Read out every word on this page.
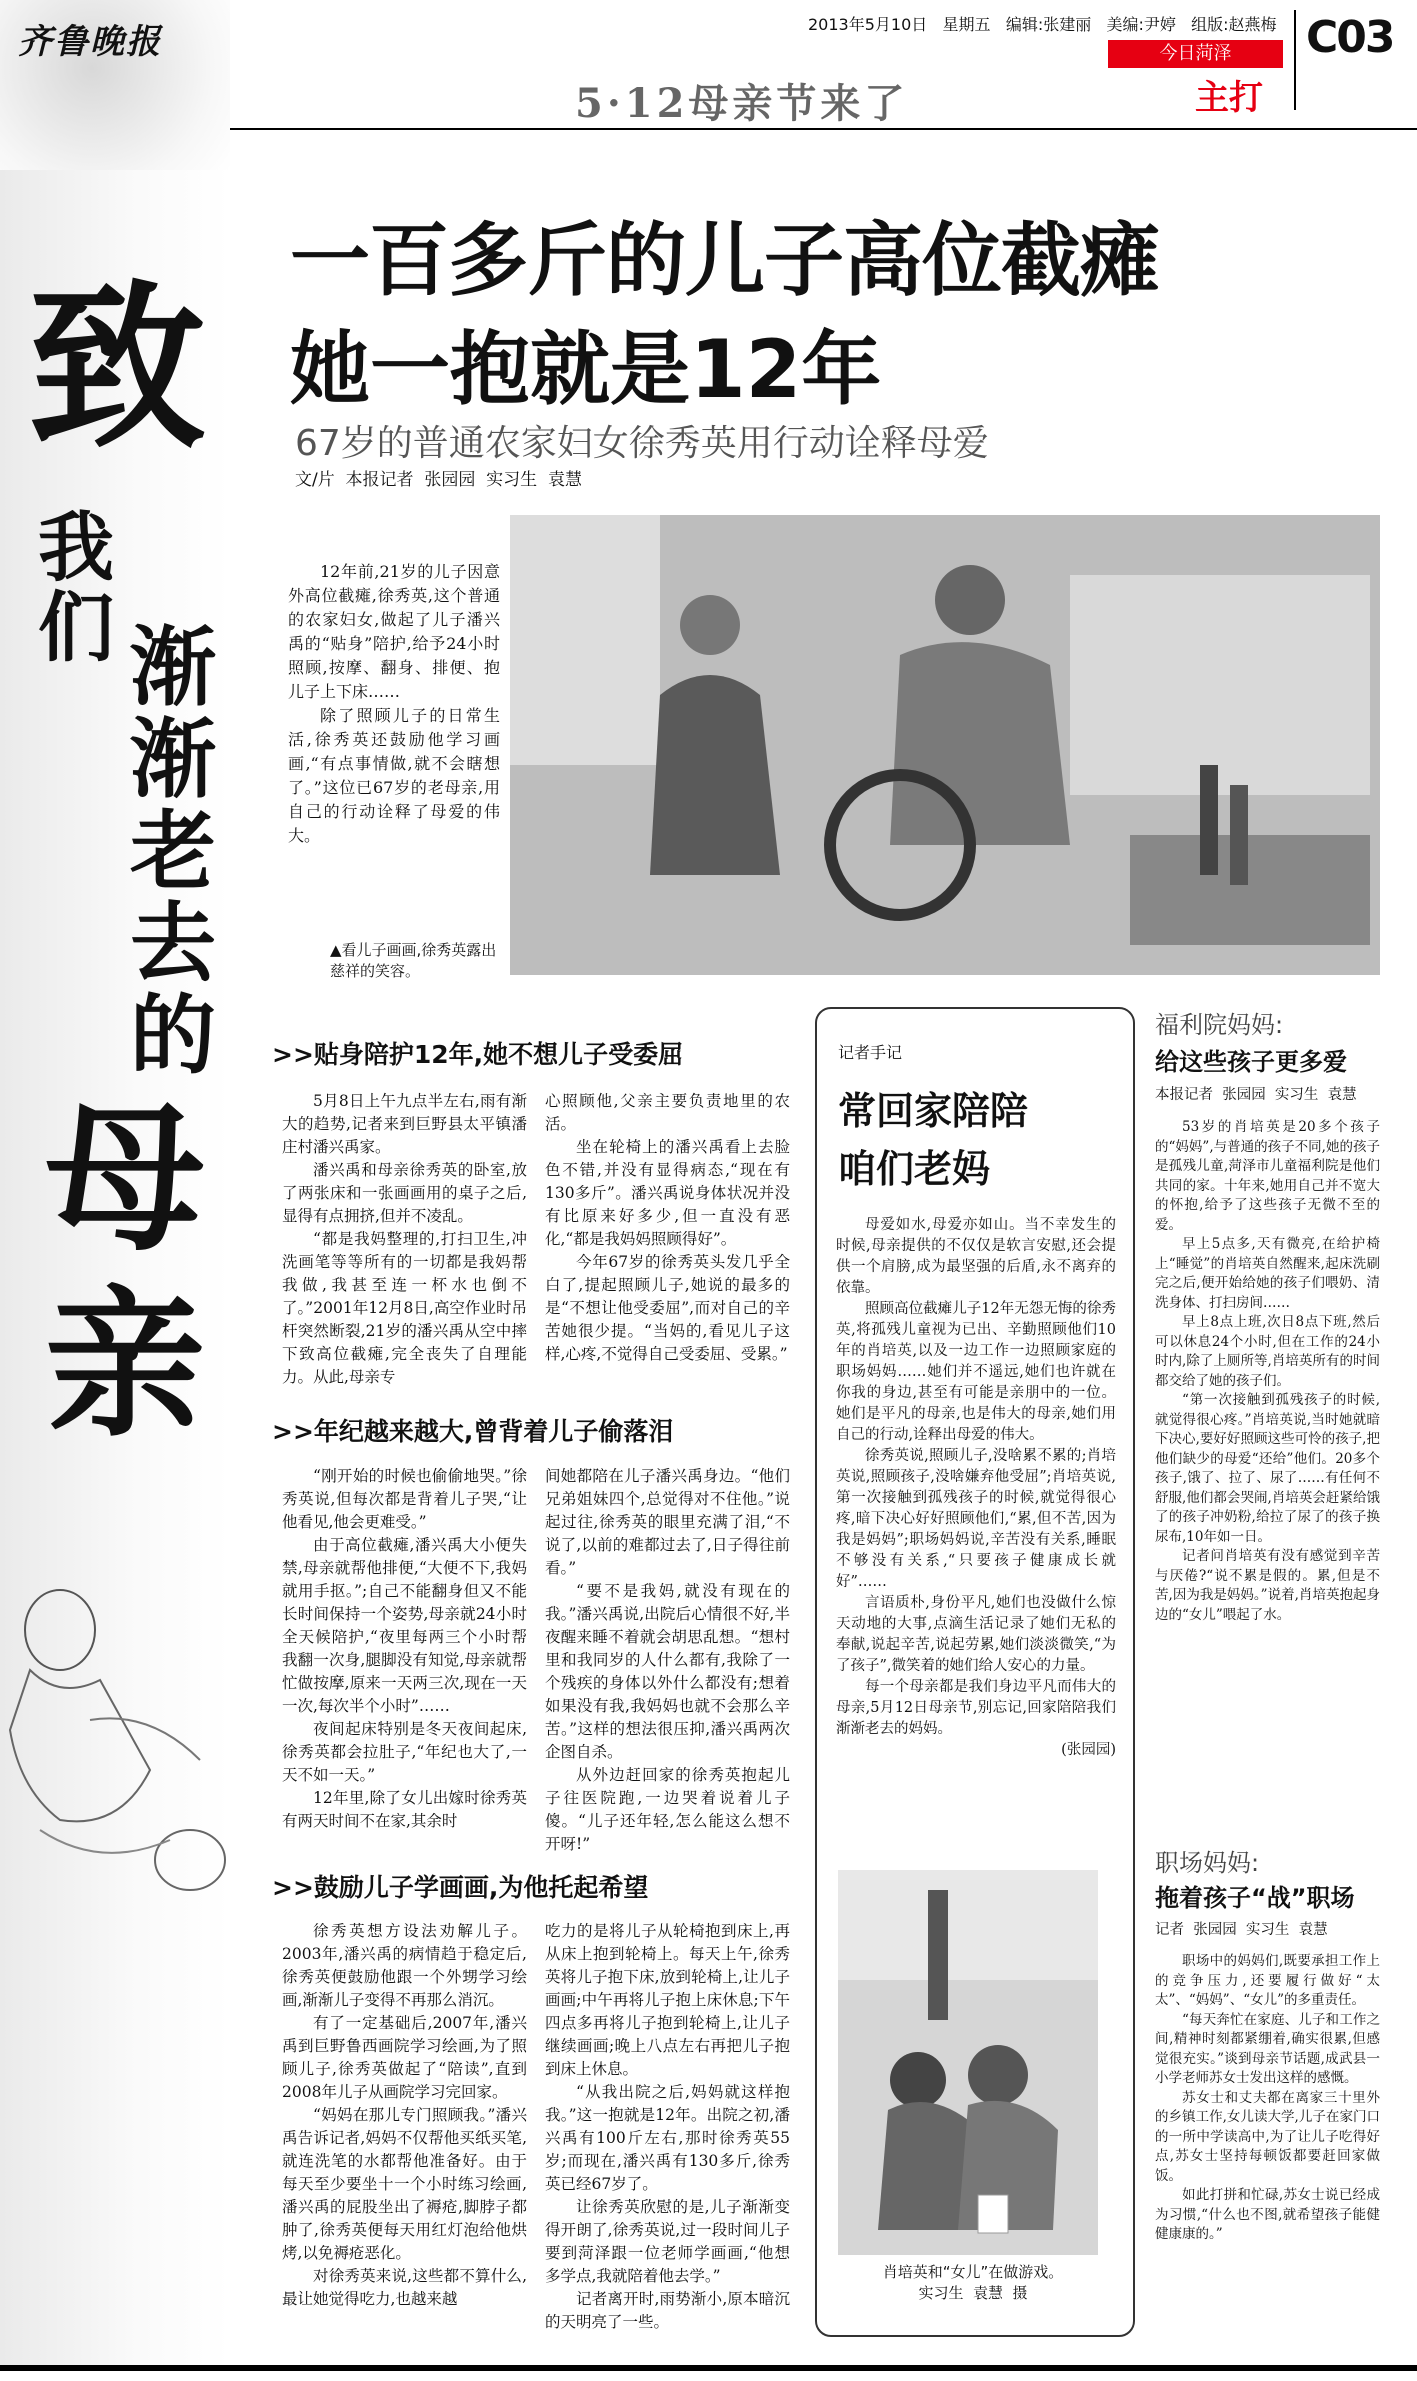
齐鲁晚报	2013年5月10日 星期五 编辑:张建丽 美编:尹婷 组版:赵燕梅
今日菏泽
主打
C03
5·12母亲节来了
致
我
们 渐
渐
老
去
的
母
亲
一百多斤的儿子高位截瘫
她一抱就是12年
67岁的普通农家妇女徐秀英用行动诠释母爱
文/片  本报记者  张园园  实习生  袁慧

12年前,21岁的儿子因意外高位截瘫,徐秀英,这个普通的农家妇女,做起了儿子潘兴禹的“贴身”陪护,给予24小时照顾,按摩、翻身、排便、抱儿子上下床……

除了照顾儿子的日常生活,徐秀英还鼓励他学习画画,“有点事情做,就不会瞎想了。”这位已67岁的老母亲,用自己的行动诠释了母爱的伟大。

▲看儿子画画,徐秀英露出慈祥的笑容。
>>贴身陪护12年,她不想儿子受委屈

5月8日上午九点半左右,雨有渐大的趋势,记者来到巨野县太平镇潘庄村潘兴禹家。

潘兴禹和母亲徐秀英的卧室,放了两张床和一张画画用的桌子之后,显得有点拥挤,但并不凌乱。

“都是我妈整理的,打扫卫生,冲洗画笔等等所有的一切都是我妈帮我做,我甚至连一杯水也倒不了。”2001年12月8日,高空作业时吊杆突然断裂,21岁的潘兴禹从空中摔下致高位截瘫,完全丧失了自理能力。从此,母亲专

心照顾他,父亲主要负责地里的农活。

坐在轮椅上的潘兴禹看上去脸色不错,并没有显得病态,“现在有130多斤”。潘兴禹说身体状况并没有比原来好多少,但一直没有恶化,“都是我妈妈照顾得好”。

今年67岁的徐秀英头发几乎全白了,提起照顾儿子,她说的最多的是“不想让他受委屈”,而对自己的辛苦她很少提。“当妈的,看见儿子这样,心疼,不觉得自己受委屈、受累。”

>>年纪越来越大,曾背着儿子偷落泪

“刚开始的时候也偷偷地哭。”徐秀英说,但每次都是背着儿子哭,“让他看见,他会更难受。”

由于高位截瘫,潘兴禹大小便失禁,母亲就帮他排便,“大便不下,我妈就用手抠。”;自己不能翻身但又不能长时间保持一个姿势,母亲就24小时全天候陪护,“夜里每两三个小时帮我翻一次身,腿脚没有知觉,母亲就帮忙做按摩,原来一天两三次,现在一天一次,每次半个小时”……

夜间起床特别是冬天夜间起床,徐秀英都会拉肚子,“年纪也大了,一天不如一天。”

12年里,除了女儿出嫁时徐秀英有两天时间不在家,其余时

间她都陪在儿子潘兴禹身边。“他们兄弟姐妹四个,总觉得对不住他。”说起过往,徐秀英的眼里充满了泪,“不说了,以前的难都过去了,日子得往前看。”

“要不是我妈,就没有现在的我。”潘兴禹说,出院后心情很不好,半夜醒来睡不着就会胡思乱想。“想村里和我同岁的人什么都有,我除了一个残疾的身体以外什么都没有;想着如果没有我,我妈妈也就不会那么辛苦。”这样的想法很压抑,潘兴禹两次企图自杀。

从外边赶回家的徐秀英抱起儿子往医院跑,一边哭着说着儿子傻。“儿子还年轻,怎么能这么想不开呀!”

>>鼓励儿子学画画,为他托起希望

徐秀英想方设法劝解儿子。2003年,潘兴禹的病情趋于稳定后,徐秀英便鼓励他跟一个外甥学习绘画,渐渐儿子变得不再那么消沉。

有了一定基础后,2007年,潘兴禹到巨野鲁西画院学习绘画,为了照顾儿子,徐秀英做起了“陪读”,直到2008年儿子从画院学习完回家。

“妈妈在那儿专门照顾我。”潘兴禹告诉记者,妈妈不仅帮他买纸买笔,就连洗笔的水都帮他准备好。由于每天至少要坐十一个小时练习绘画,潘兴禹的屁股坐出了褥疮,脚脖子都肿了,徐秀英便每天用红灯泡给他烘烤,以免褥疮恶化。

对徐秀英来说,这些都不算什么,最让她觉得吃力,也越来越

吃力的是将儿子从轮椅抱到床上,再从床上抱到轮椅上。每天上午,徐秀英将儿子抱下床,放到轮椅上,让儿子画画;中午再将儿子抱上床休息;下午四点多再将儿子抱到轮椅上,让儿子继续画画;晚上八点左右再把儿子抱到床上休息。

“从我出院之后,妈妈就这样抱我。”这一抱就是12年。出院之初,潘兴禹有100斤左右,那时徐秀英55岁;而现在,潘兴禹有130多斤,徐秀英已经67岁了。

让徐秀英欣慰的是,儿子渐渐变得开朗了,徐秀英说,过一段时间儿子要到菏泽跟一位老师学画画,“他想多学点,我就陪着他去学。”

记者离开时,雨势渐小,原本暗沉的天明亮了一些。

记者手记
常回家陪陪
咱们老妈

母爱如水,母爱亦如山。当不幸发生的时候,母亲提供的不仅仅是软言安慰,还会提供一个肩膀,成为最坚强的后盾,永不离弃的依靠。

照顾高位截瘫儿子12年无怨无悔的徐秀英,将孤残儿童视为已出、辛勤照顾他们10年的肖培英,以及一边工作一边照顾家庭的职场妈妈……她们并不遥远,她们也许就在你我的身边,甚至有可能是亲朋中的一位。她们是平凡的母亲,也是伟大的母亲,她们用自己的行动,诠释出母爱的伟大。

徐秀英说,照顾儿子,没啥累不累的;肖培英说,照顾孩子,没啥嫌弃他受屈”;肖培英说,第一次接触到孤残孩子的时候,就觉得很心疼,暗下决心好好照顾他们,“累,但不苦,因为我是妈妈”;职场妈妈说,辛苦没有关系,睡眠不够没有关系,“只要孩子健康成长就好”……

言语质朴,身份平凡,她们也没做什么惊天动地的大事,点滴生活记录了她们无私的奉献,说起辛苦,说起劳累,她们淡淡微笑,“为了孩子”,微笑着的她们给人安心的力量。

每一个母亲都是我们身边平凡而伟大的母亲,5月12日母亲节,别忘记,回家陪陪我们渐渐老去的妈妈。

(张园园)

肖培英和“女儿”在做游戏。
实习生  袁慧  摄
福利院妈妈:
给这些孩子更多爱
本报记者  张园园  实习生  袁慧

53岁的肖培英是20多个孩子的“妈妈”,与普通的孩子不同,她的孩子是孤残儿童,菏泽市儿童福利院是他们共同的家。十年来,她用自己并不宽大的怀抱,给予了这些孩子无微不至的爱。

早上5点多,天有微亮,在给护椅上“睡觉”的肖培英自然醒来,起床洗刷完之后,便开始给她的孩子们喂奶、清洗身体、打扫房间……

早上8点上班,次日8点下班,然后可以休息24个小时,但在工作的24小时内,除了上厕所等,肖培英所有的时间都交给了她的孩子们。

“第一次接触到孤残孩子的时候,就觉得很心疼。”肖培英说,当时她就暗下决心,要好好照顾这些可怜的孩子,把他们缺少的母爱“还给”他们。20多个孩子,饿了、拉了、尿了……有任何不舒服,他们都会哭闹,肖培英会赶紧给饿了的孩子冲奶粉,给拉了尿了的孩子换尿布,10年如一日。

记者问肖培英有没有感觉到辛苦与厌倦?“说不累是假的。累,但是不苦,因为我是妈妈。”说着,肖培英抱起身边的“女儿”喂起了水。

职场妈妈:
拖着孩子“战”职场
记者  张园园  实习生  袁慧

职场中的妈妈们,既要承担工作上的竞争压力,还要履行做好“太太”、“妈妈”、“女儿”的多重责任。

“每天奔忙在家庭、儿子和工作之间,精神时刻都紧绷着,确实很累,但感觉很充实。”谈到母亲节话题,成武县一小学老师苏女士发出这样的感慨。

苏女士和丈夫都在离家三十里外的乡镇工作,女儿读大学,儿子在家门口的一所中学读高中,为了让儿子吃得好点,苏女士坚持每顿饭都要赶回家做饭。

如此打拼和忙碌,苏女士说已经成为习惯,“什么也不图,就希望孩子能健健康康的。”
